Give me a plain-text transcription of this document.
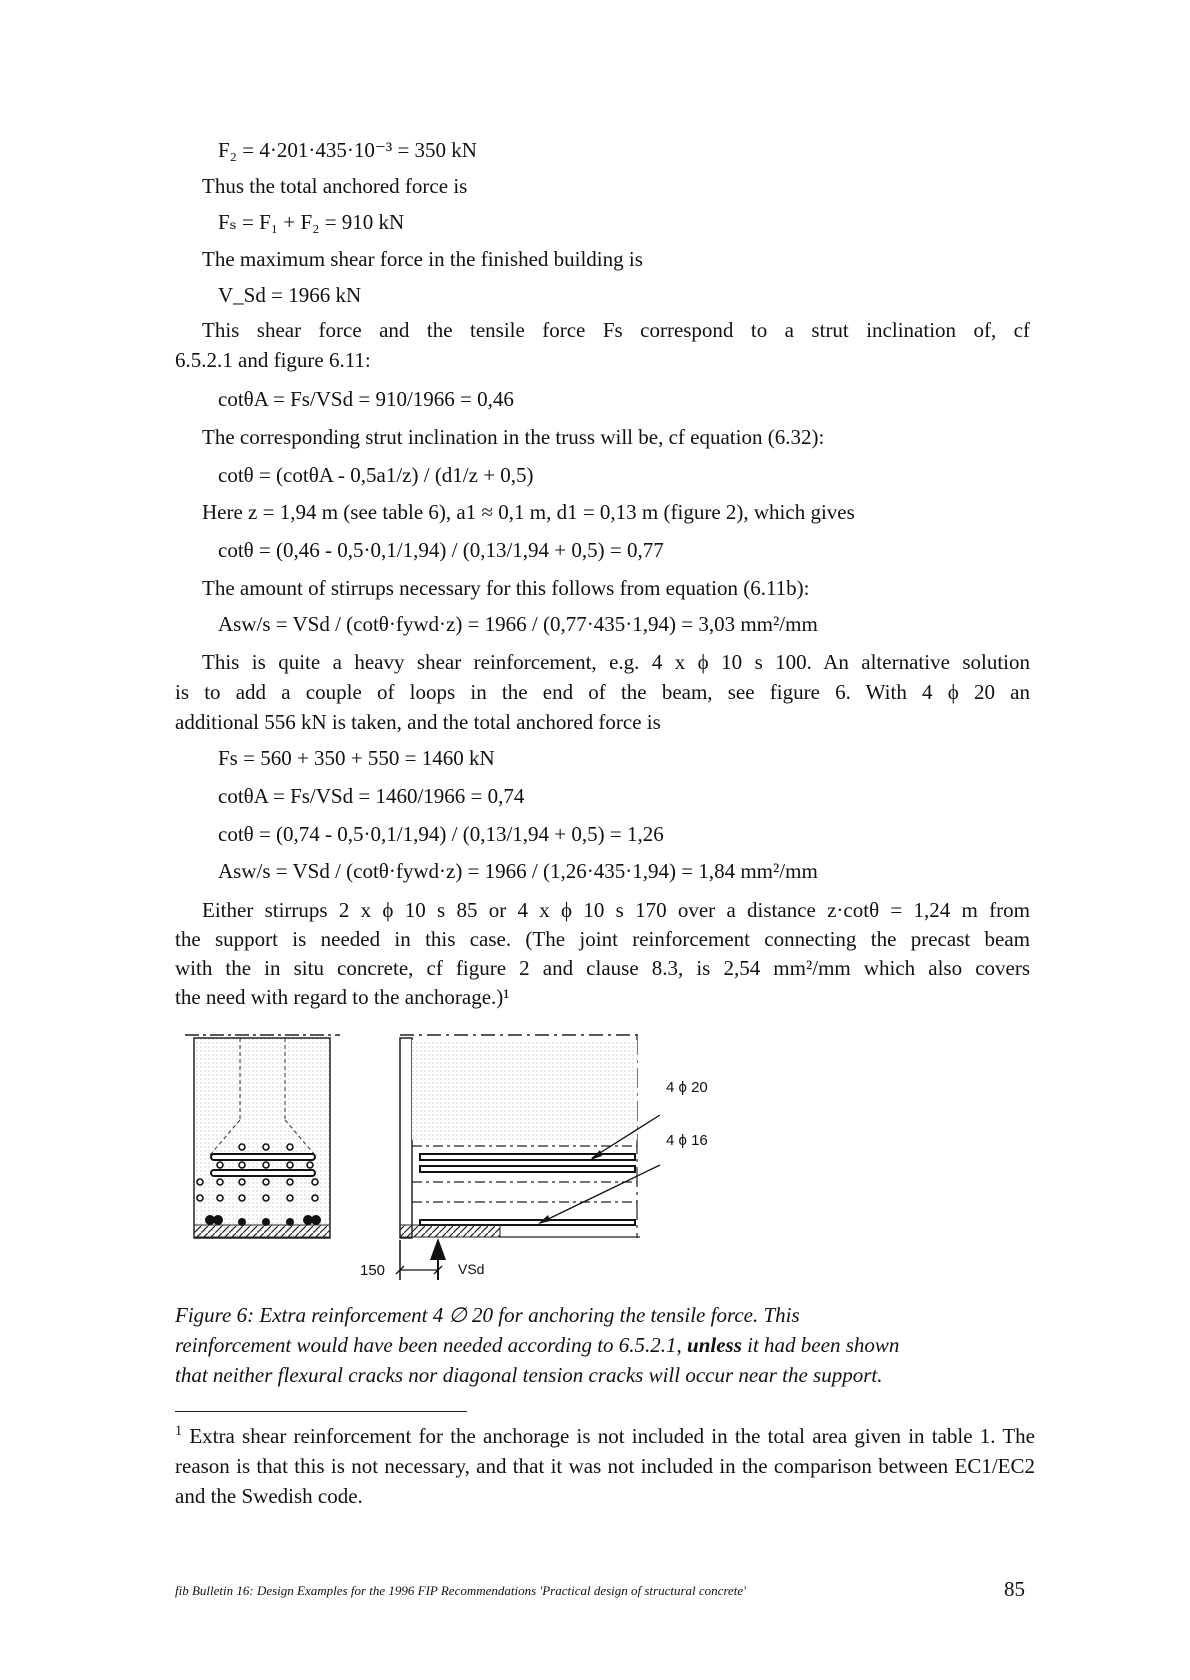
F₂ = 4·201·435·10⁻³ = 350 kN
Thus the total anchored force is
Fₛ = F₁ + F₂ = 910 kN
The maximum shear force in the finished building is
V_Sd = 1966 kN
This shear force and the tensile force Fs correspond to a strut inclination of, cf
6.5.2.1 and figure 6.11:
cotθA = Fs/VSd = 910/1966 = 0,46
The corresponding strut inclination in the truss will be, cf equation (6.32):
cotθ = (cotθA - 0,5a1/z) / (d1/z + 0,5)
Here z = 1,94 m (see table 6), a1 ≈ 0,1 m, d1 = 0,13 m (figure 2), which gives
cotθ = (0,46 - 0,5·0,1/1,94) / (0,13/1,94 + 0,5) = 0,77
The amount of stirrups necessary for this follows from equation (6.11b):
Asw/s = VSd / (cotθ·fywd·z) = 1966 / (0,77·435·1,94) = 3,03 mm²/mm
This is quite a heavy shear reinforcement, e.g. 4 x ϕ 10 s 100. An alternative solution
is to add a couple of loops in the end of the beam, see figure 6. With 4 ϕ 20 an
additional 556 kN is taken, and the total anchored force is
Fs = 560 + 350 + 550 = 1460 kN
cotθA = Fs/VSd = 1460/1966 = 0,74
cotθ = (0,74 - 0,5·0,1/1,94) / (0,13/1,94 + 0,5) = 1,26
Asw/s = VSd / (cotθ·fywd·z) = 1966 / (1,26·435·1,94) = 1,84 mm²/mm
Either stirrups 2 x ϕ 10 s 85 or 4 x ϕ 10 s 170 over a distance z·cotθ = 1,24 m from
the support is needed in this case. (The joint reinforcement connecting the precast beam
with the in situ concrete, cf figure 2 and clause 8.3, is 2,54 mm²/mm which also covers
the need with regard to the anchorage.)¹
4 ϕ 20
4 ϕ 16
150	VSd
Figure 6: Extra reinforcement 4 ∅ 20 for anchoring the tensile force. This
reinforcement would have been needed according to 6.5.2.1, unless it had been shown
that neither flexural cracks nor diagonal tension cracks will occur near the support.
$^1$ Extra shear reinforcement for the anchorage is not included in the total area given in table 1. The reason is that this is not necessary, and that it was not included in the comparison between EC1/EC2 and the Swedish code.
fib Bulletin 16: Design Examples for the 1996 FIP Recommendations 'Practical design of structural concrete'	85
